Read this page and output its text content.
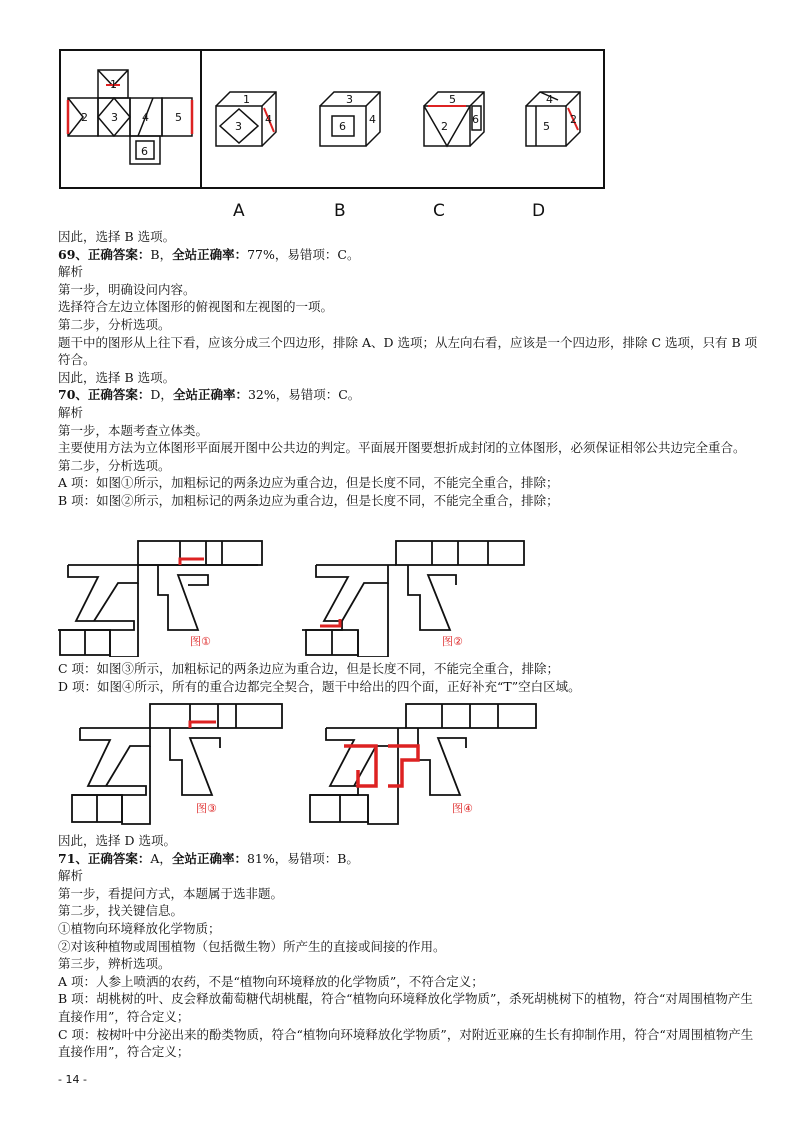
1
2 3 4 5
6
1
3
4
3
6
4
5
2
6
4
5
2
A	B	C	D
因此，选择 B 选项。
69、正确答案：B，全站正确率：77%，易错项：C。
解析
第一步，明确设问内容。
选择符合左边立体图形的俯视图和左视图的一项。
第二步，分析选项。
题干中的图形从上往下看，应该分成三个四边形，排除 A、D 选项；从左向右看，应该是一个四边形，排除 C 选项，只有 B 项符合。
因此，选择 B 选项。
70、正确答案：D，全站正确率：32%，易错项：C。
解析
第一步，本题考查立体类。
主要使用方法为立体图形平面展开图中公共边的判定。平面展开图要想折成封闭的立体图形，必须保证相邻公共边完全重合。
第二步，分析选项。
A 项：如图①所示，加粗标记的两条边应为重合边，但是长度不同，不能完全重合，排除；
B 项：如图②所示，加粗标记的两条边应为重合边，但是长度不同，不能完全重合，排除；
图①	图②
C 项：如图③所示，加粗标记的两条边应为重合边，但是长度不同，不能完全重合，排除；
D 项：如图④所示，所有的重合边都完全契合，题干中给出的四个面，正好补充“T”空白区域。
图③	图④
因此，选择 D 选项。
71、正确答案：A，全站正确率：81%，易错项：B。
解析
第一步，看提问方式，本题属于选非题。
第二步，找关键信息。
①植物向环境释放化学物质；
②对该种植物或周围植物（包括微生物）所产生的直接或间接的作用。
第三步，辨析选项。
A 项：人参上喷洒的农药，不是“植物向环境释放的化学物质”，不符合定义；
B 项：胡桃树的叶、皮会释放葡萄糖代胡桃醌，符合“植物向环境释放化学物质”，杀死胡桃树下的植物，符合“对周围植物产生直接作用”，符合定义；
C 项：桉树叶中分泌出来的酚类物质，符合“植物向环境释放化学物质”，对附近亚麻的生长有抑制作用，符合“对周围植物产生直接作用”，符合定义；
- 14 -
